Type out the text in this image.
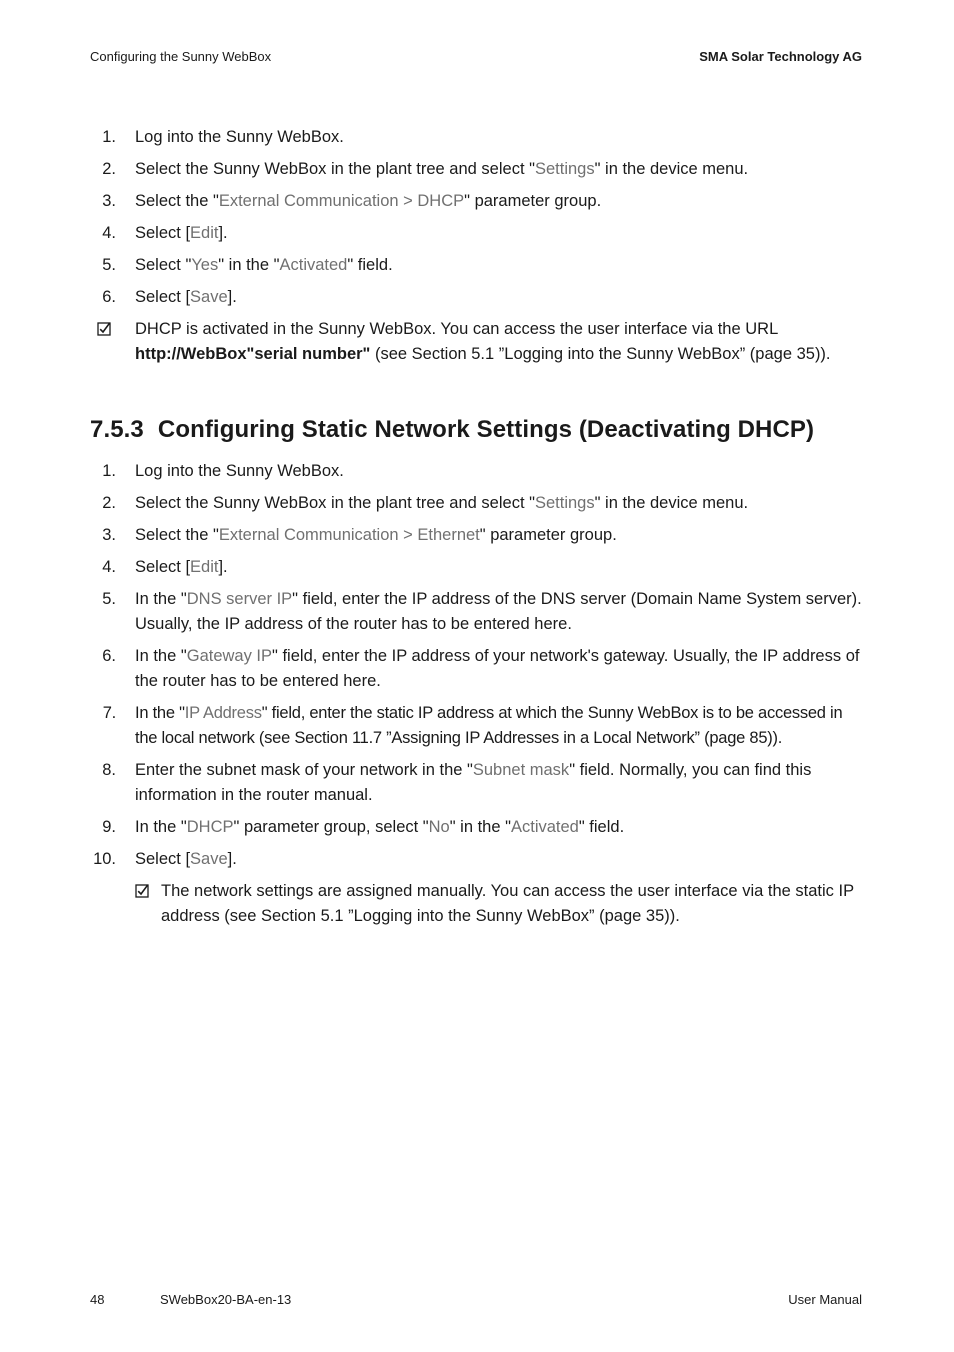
Configuring the Sunny WebBox	SMA Solar Technology AG
1. Log into the Sunny WebBox.
2. Select the Sunny WebBox in the plant tree and select "Settings" in the device menu.
3. Select the "External Communication > DHCP" parameter group.
4. Select [Edit].
5. Select "Yes" in the "Activated" field.
6. Select [Save].
DHCP is activated in the Sunny WebBox. You can access the user interface via the URL http://WebBox"serial number" (see Section 5.1 ”Logging into the Sunny WebBox” (page 35)).
7.5.3 Configuring Static Network Settings (Deactivating DHCP)
1. Log into the Sunny WebBox.
2. Select the Sunny WebBox in the plant tree and select "Settings" in the device menu.
3. Select the "External Communication > Ethernet" parameter group.
4. Select [Edit].
5. In the "DNS server IP" field, enter the IP address of the DNS server (Domain Name System server). Usually, the IP address of the router has to be entered here.
6. In the "Gateway IP" field, enter the IP address of your network's gateway. Usually, the IP address of the router has to be entered here.
7. In the "IP Address" field, enter the static IP address at which the Sunny WebBox is to be accessed in the local network (see Section 11.7 ”Assigning IP Addresses in a Local Network” (page 85)).
8. Enter the subnet mask of your network in the "Subnet mask" field. Normally, you can find this information in the router manual.
9. In the "DHCP" parameter group, select "No" in the "Activated" field.
10. Select [Save].
The network settings are assigned manually. You can access the user interface via the static IP address (see Section 5.1 ”Logging into the Sunny WebBox” (page 35)).
48	SWebBox20-BA-en-13	User Manual
